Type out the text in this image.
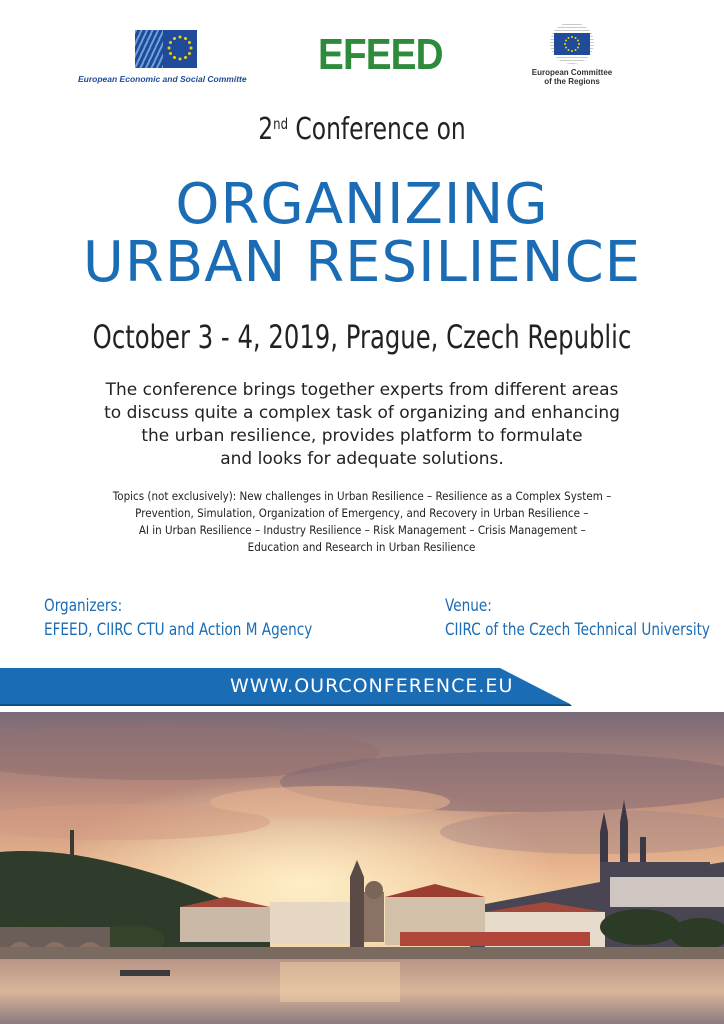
European Economic and Social Committe EFEED	European Committee
of the Regions
2nd Conference on
ORGANIZING
URBAN RESILIENCE
October 3 - 4, 2019, Prague, Czech Republic
The conference brings together experts from different areas
to discuss quite a complex task of organizing and enhancing
the urban resilience, provides platform to formulate
and looks for adequate solutions.
Topics (not exclusively): New challenges in Urban Resilience – Resilience as a Complex System –
Prevention, Simulation, Organization of Emergency, and Recovery in Urban Resilience –
AI in Urban Resilience – Industry Resilience – Risk Management – Crisis Management –
Education and Research in Urban Resilience
Organizers:
EFEED, CIIRC CTU and Action M Agency
Venue:
CIIRC of the Czech Technical University
WWW.OURCONFERENCE.EU
